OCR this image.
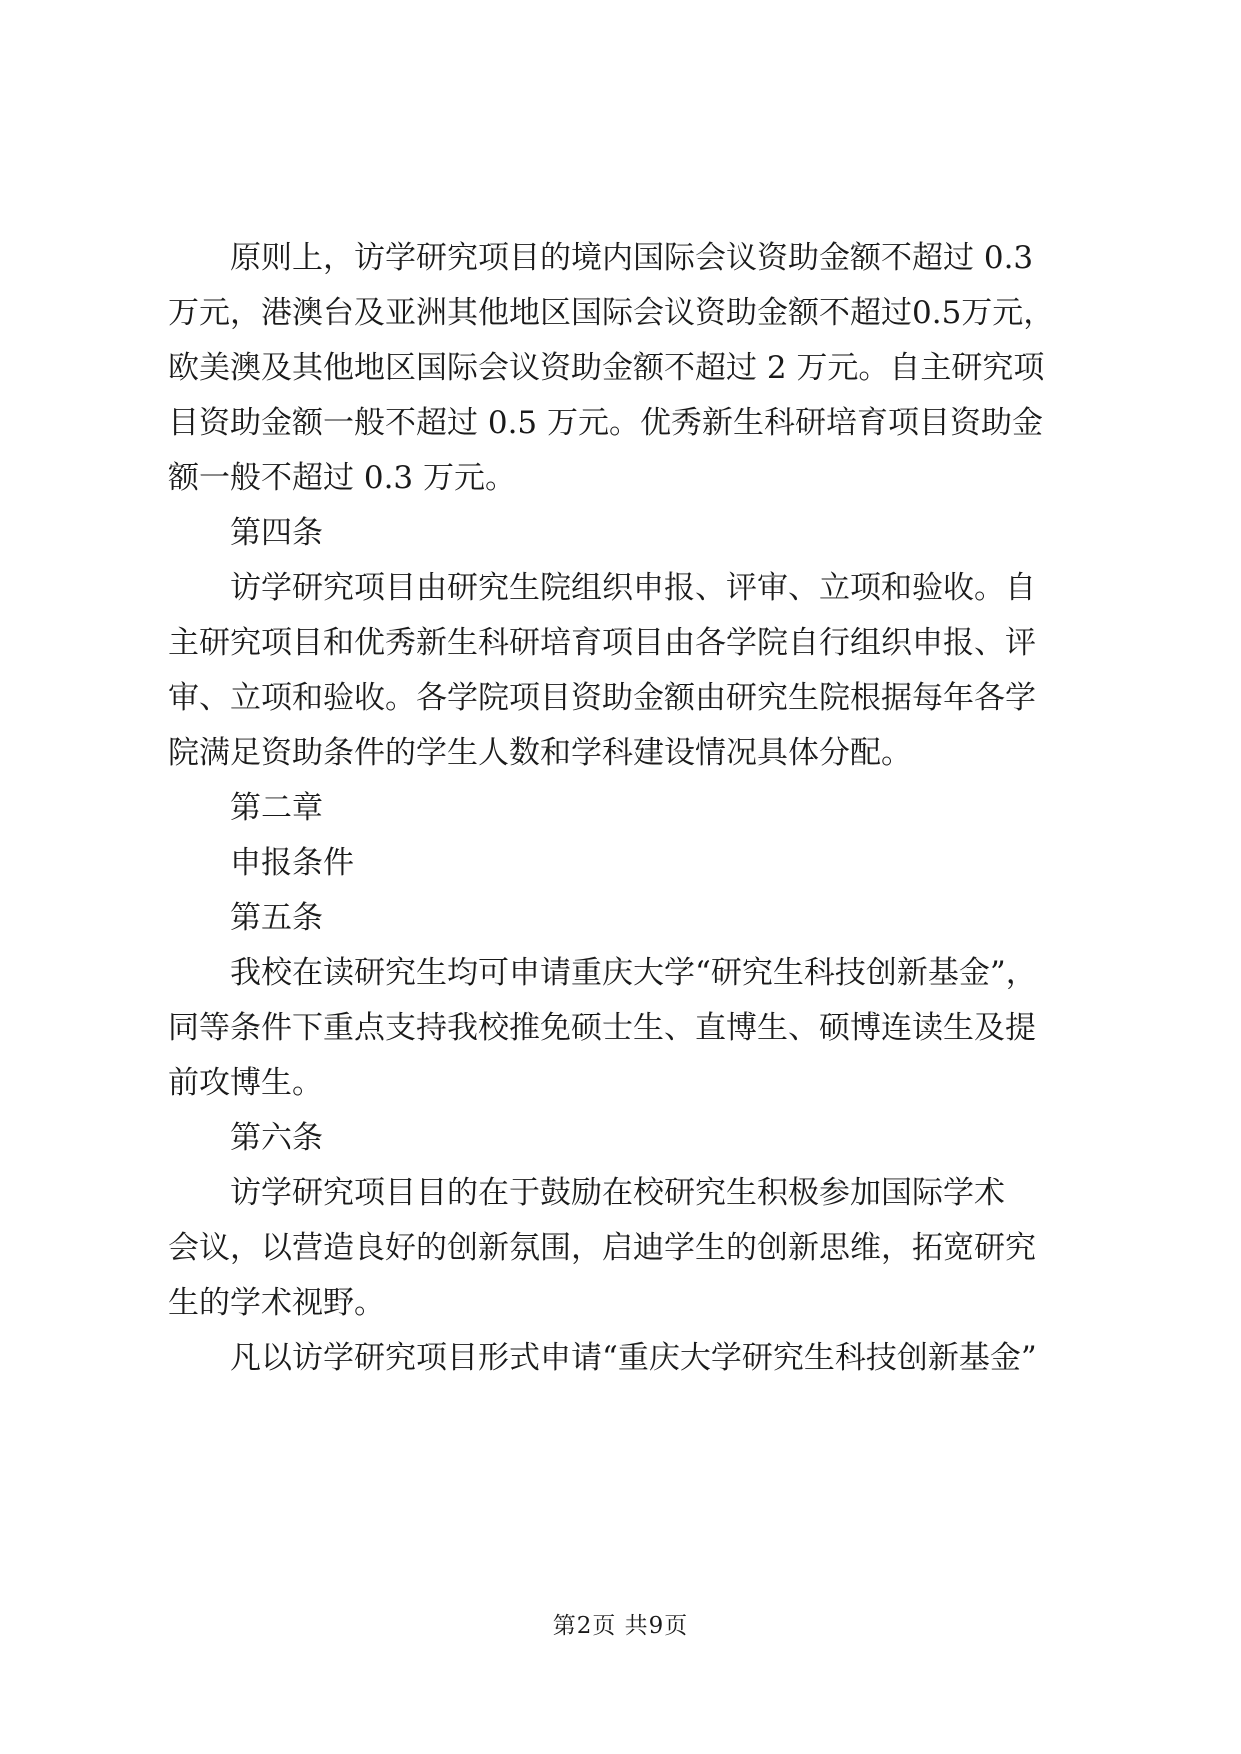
原则上，访学研究项目的境内国际会议资助金额不超过 0.3
万元，港澳台及亚洲其他地区国际会议资助金额不超过0.5万元，
欧美澳及其他地区国际会议资助金额不超过 2 万元。自主研究项
目资助金额一般不超过 0.5 万元。优秀新生科研培育项目资助金
额一般不超过 0.3 万元。
第四条
访学研究项目由研究生院组织申报、评审、立项和验收。自
主研究项目和优秀新生科研培育项目由各学院自行组织申报、评
审、立项和验收。各学院项目资助金额由研究生院根据每年各学
院满足资助条件的学生人数和学科建设情况具体分配。
第二章
申报条件
第五条
我校在读研究生均可申请重庆大学“研究生科技创新基金”，
同等条件下重点支持我校推免硕士生、直博生、硕博连读生及提
前攻博生。
第六条
访学研究项目目的在于鼓励在校研究生积极参加国际学术
会议，以营造良好的创新氛围，启迪学生的创新思维，拓宽研究
生的学术视野。
凡以访学研究项目形式申请“重庆大学研究生科技创新基金”
第2页 共9页
